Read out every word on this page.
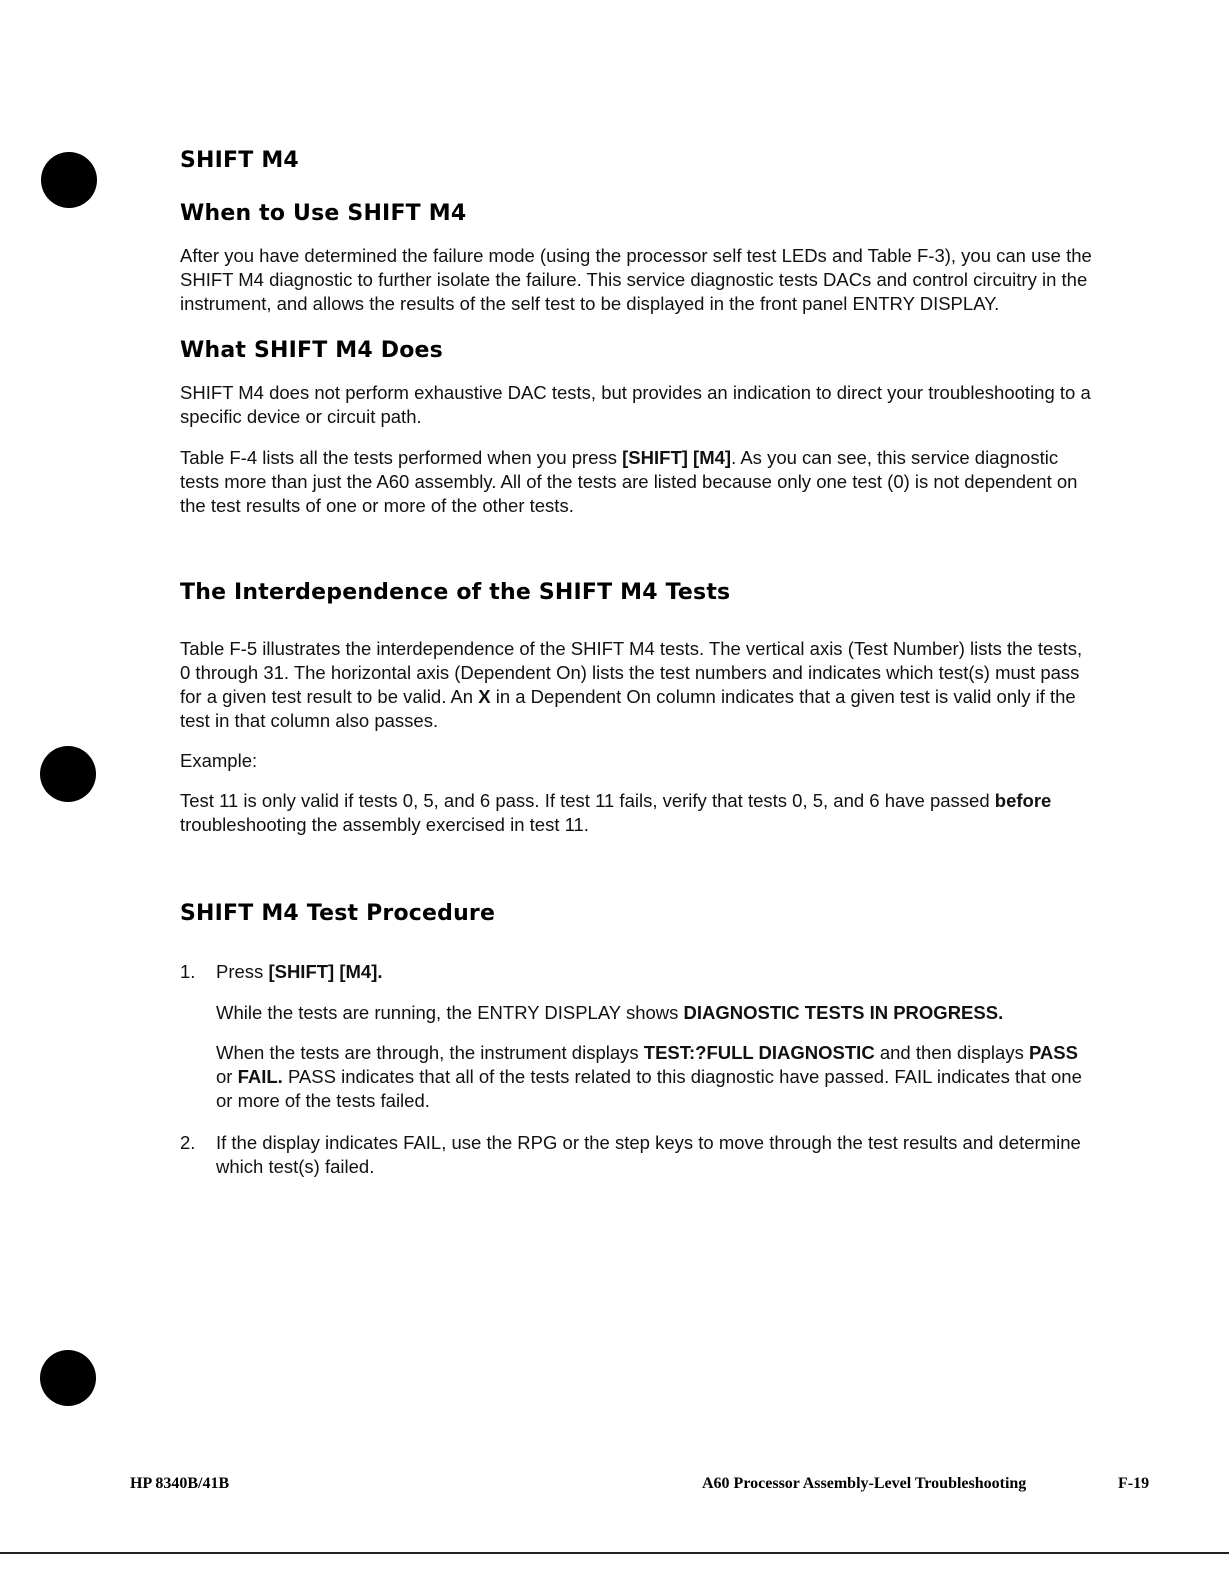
SHIFT M4
When to Use SHIFT M4

After you have determined the failure mode (using the processor self test LEDs and Table F-3), you can use the SHIFT M4 diagnostic to further isolate the failure. This service diagnostic tests DACs and control circuitry in the instrument, and allows the results of the self test to be displayed in the front panel ENTRY DISPLAY.

What SHIFT M4 Does

SHIFT M4 does not perform exhaustive DAC tests, but provides an indication to direct your troubleshooting to a specific device or circuit path.

Table F-4 lists all the tests performed when you press [SHIFT] [M4]. As you can see, this service diagnostic tests more than just the A60 assembly. All of the tests are listed because only one test (0) is not dependent on the test results of one or more of the other tests.

The Interdependence of the SHIFT M4 Tests

Table F-5 illustrates the interdependence of the SHIFT M4 tests. The vertical axis (Test Number) lists the tests, 0 through 31. The horizontal axis (Dependent On) lists the test numbers and indicates which test(s) must pass for a given test result to be valid. An X in a Dependent On column indicates that a given test is valid only if the test in that column also passes.

Example:

Test 11 is only valid if tests 0, 5, and 6 pass. If test 11 fails, verify that tests 0, 5, and 6 have passed before troubleshooting the assembly exercised in test 11.

SHIFT M4 Test Procedure
1. Press [SHIFT] [M4].

While the tests are running, the ENTRY DISPLAY shows DIAGNOSTIC TESTS IN PROGRESS.

When the tests are through, the instrument displays TEST:?FULL DIAGNOSTIC and then displays PASS or FAIL. PASS indicates that all of the tests related to this diagnostic have passed. FAIL indicates that one or more of the tests failed.

2. If the display indicates FAIL, use the RPG or the step keys to move through the test results and determine which test(s) failed.

HP 8340B/41B	A60 Processor Assembly-Level Troubleshooting	F-19
